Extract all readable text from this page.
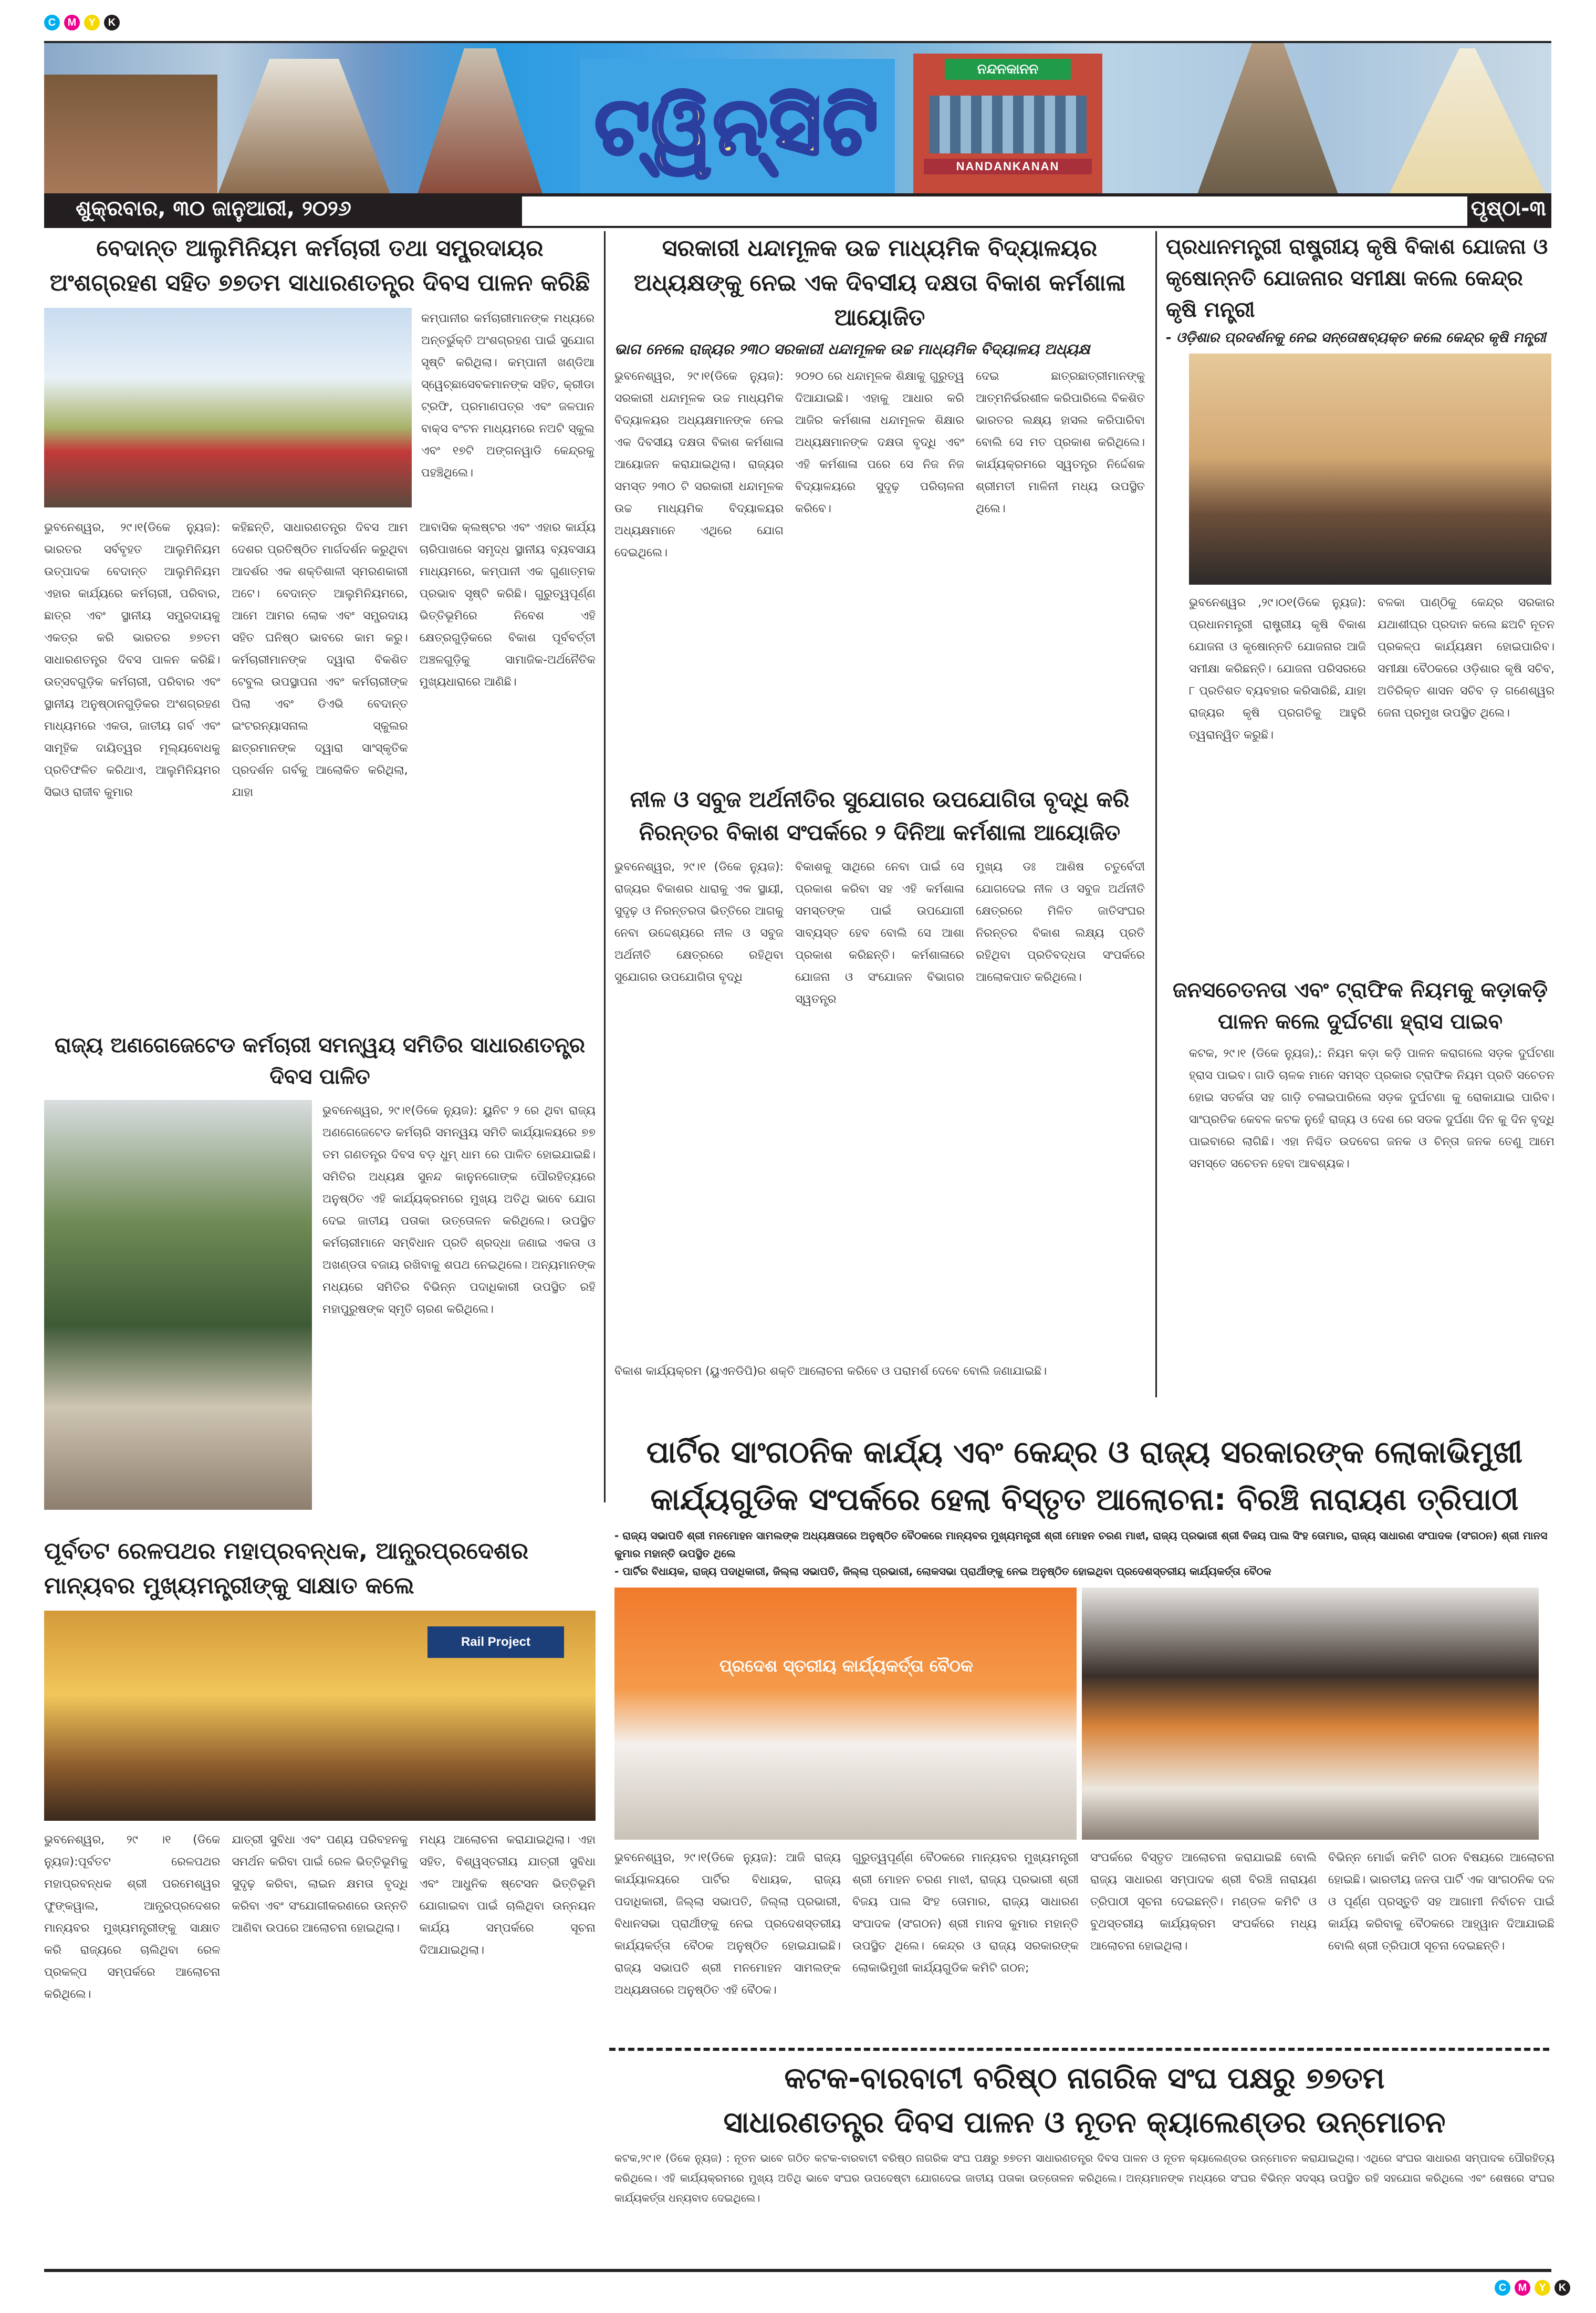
C	M	Y	K
ଟ୍ୱିନ୍‌ସିଟି
ନନ୍ଦନକାନନ
NANDANKANAN
ଶୁକ୍ରବାର, ୩୦ ଜାନୁଆରୀ, ୨୦୨୬	ପୃଷ୍ଠା-୩
ବେଦାନ୍ତ ଆଲୁମିନିୟମ କର୍ମଚାରୀ ତଥା ସମ୍ପ୍ରଦାୟର ଅଂଶଗ୍ରହଣ ସହିତ ୭୭ତମ ସାଧାରଣତନ୍ତ୍ର ଦିବସ ପାଳନ କରିଛି
କମ୍ପାନୀର କର୍ମଚାରୀମାନଙ୍କ ମଧ୍ୟରେ ଅନ୍ତର୍ଭୁକ୍ତି ଅଂଶଗ୍ରହଣ ପାଇଁ ସୁଯୋଗ ସୃଷ୍ଟି କରିଥିଲା। କମ୍ପାନୀ ଖଣ୍ଡିଆ ସ୍ୱେଚ୍ଛାସେବକମାନଙ୍କ ସହିତ, କ୍ରୀଡା ଟ୍ରଫି, ପ୍ରମାଣପତ୍ର ଏବଂ ଜଳପାନ ବାକ୍ସ ବଂଟନ ମାଧ୍ୟମରେ ନଅଟି ସ୍କୁଲ ଏବଂ ୧୭ଟି ଅଙ୍ଗନୱାଡି କେନ୍ଦ୍ରକୁ ପହଞ୍ଚିଥିଲେ।
ଭୁବନେଶ୍ୱର, ୨୯।୧(ଡିକେ ନ୍ୟୁଜ): ଭାରତର ସର୍ବବୃହତ ଆଲୁମିନିୟମ ଉତ୍ପାଦକ ବେଦାନ୍ତ ଆଲୁମିନିୟମ ଏହାର କାର୍ଯ୍ୟରେ କର୍ମଚାରୀ, ପରିବାର, ଛାତ୍ର ଏବଂ ସ୍ଥାନୀୟ ସମ୍ପ୍ରଦାୟକୁ ଏକତ୍ର କରି ଭାରତର ୭୭ତମ ସାଧାରଣତନ୍ତ୍ର ଦିବସ ପାଳନ କରିଛି। ଉତ୍ସବଗୁଡ଼ିକ କର୍ମଚାରୀ, ପରିବାର ଏବଂ ସ୍ଥାନୀୟ ଅନୁଷ୍ଠାନଗୁଡ଼ିକର ଅଂଶଗ୍ରହଣ ମାଧ୍ୟମରେ ଏକତା, ଜାତୀୟ ଗର୍ବ ଏବଂ ସାମୂହିକ ଦାୟିତ୍ୱର ମୂଲ୍ୟବୋଧକୁ ପ୍ରତିଫଳିତ କରିଥାଏ, ଆଲୁମିନିୟମର ସିଇଓ ରାଜୀବ କୁମାର
କହିଛନ୍ତି, ସାଧାରଣତନ୍ତ୍ର ଦିବସ ଆମ ଦେଶର ପ୍ରତିଷ୍ଠିତ ମାର୍ଗଦର୍ଶନ କରୁଥିବା ଆଦର୍ଶର ଏକ ଶକ୍ତିଶାଳୀ ସ୍ମରଣକାରୀ ଅଟେ। ବେଦାନ୍ତ ଆଲୁମିନିୟମରେ, ଆମେ ଆମର ଲୋକ ଏବଂ ସମ୍ପ୍ରଦାୟ ସହିତ ଘନିଷ୍ଠ ଭାବରେ କାମ କରୁ। କର୍ମଚାରୀମାନଙ୍କ ଦ୍ୱାରା ବିକଶିତ ଟେବୁଲ ଉପସ୍ଥାପନା ଏବଂ କର୍ମଚାରୀଙ୍କ ପିଲା ଏବଂ ଡିଏଭି ବେଦାନ୍ତ ଇଂଟରନ୍ୟାସନାଲ ସ୍କୁଲର ଛାତ୍ରମାନଙ୍କ ଦ୍ୱାରା ସାଂସ୍କୃତିକ ପ୍ରଦର୍ଶନ ଗର୍ବକୁ ଆଲୋକିତ କରିଥିଲା, ଯାହା
ଆବାସିକ କ୍ଲଷ୍ଟର ଏବଂ ଏହାର କାର୍ଯ୍ୟ ଚାରିପାଖରେ ସମୃଦ୍ଧ ସ୍ଥାନୀୟ ବ୍ୟବସାୟ ମାଧ୍ୟମରେ, କମ୍ପାନୀ ଏକ ଗୁଣାତ୍ମକ ପ୍ରଭାବ ସୃଷ୍ଟି କରିଛି। ଗୁରୁତ୍ୱପୂର୍ଣ୍ଣ ଭିତ୍ତିଭୂମିରେ ନିବେଶ ଏହି କ୍ଷେତ୍ରଗୁଡ଼ିକରେ ବିକାଶ ପୂର୍ବବର୍ତ୍ତୀ ଅଞ୍ଚଳଗୁଡ଼ିକୁ ସାମାଜିକ-ଅର୍ଥନୈତିକ ମୁଖ୍ୟଧାରାରେ ଆଣିଛି।
ରାଜ୍ୟ ଅଣଗେଜେଟେଡ କର୍ମଚାରୀ ସମନ୍ୱୟ ସମିତିର ସାଧାରଣତନ୍ତ୍ର ଦିବସ ପାଳିତ
ଭୁବନେଶ୍ୱର, ୨୯।୧(ଡିକେ ନ୍ୟୁଜ): ୟୁନିଟ ୨ ରେ ଥିବା ରାଜ୍ୟ ଅଣଗେଜେଟେଡ କର୍ମଚାରି ସମନ୍ୱୟ ସମିତି କାର୍ଯ୍ୟାଳୟରେ ୭୭ ତମ ଗଣତନ୍ତ୍ର ଦିବସ ବଡ଼ ଧୁମ୍ ଧାମ ରେ ପାଳିତ ହୋଇଯାଇଛି। ସମିତିର ଅଧ୍ୟକ୍ଷ ସୁନନ୍ଦ କାନୁନଗୋଙ୍କ ପୌରହିତ୍ୟରେ ଅନୁଷ୍ଠିତ ଏହି କାର୍ଯ୍ୟକ୍ରମରେ ମୁଖ୍ୟ ଅତିଥି ଭାବେ ଯୋଗ ଦେଇ ଜାତୀୟ ପତାକା ଉତ୍ତୋଳନ କରିଥିଲେ। ଉପସ୍ଥିତ କର୍ମଚାରୀମାନେ ସମ୍ବିଧାନ ପ୍ରତି ଶ୍ରଦ୍ଧା ଜଣାଇ ଏକତା ଓ ଅଖଣ୍ଡତା ବଜାୟ ରଖିବାକୁ ଶପଥ ନେଇଥିଲେ। ଅନ୍ୟମାନଙ୍କ ମଧ୍ୟରେ ସମିତିର ବିଭିନ୍ନ ପଦାଧିକାରୀ ଉପସ୍ଥିତ ରହି ମହାପୁରୁଷଙ୍କ ସ୍ମୃତି ଚାରଣ କରିଥିଲେ।
ପୂର୍ବତଟ ରେଳପଥର ମହାପ୍ରବନ୍ଧକ, ଆନ୍ଧ୍ରପ୍ରଦେଶର ମାନ୍ୟବର ମୁଖ୍ୟମନ୍ତ୍ରୀଙ୍କୁ ସାକ୍ଷାତ କଲେ
Rail Project
ଭୁବନେଶ୍ୱର, ୨୯ ।୧ (ଡିକେ ନ୍ୟୁଜ):ପୂର୍ବତଟ ରେଳପଥର ମହାପ୍ରବନ୍ଧକ ଶ୍ରୀ ପରମେଶ୍ୱର ଫୁଙ୍କୱାଲ, ଆନ୍ଧ୍ରପ୍ରଦେଶର ମାନ୍ୟବର ମୁଖ୍ୟମନ୍ତ୍ରୀଙ୍କୁ ସାକ୍ଷାତ କରି ରାଜ୍ୟରେ ଚାଲିଥିବା ରେଳ ପ୍ରକଳ୍ପ ସମ୍ପର୍କରେ ଆଲୋଚନା କରିଥିଲେ।
ଯାତ୍ରୀ ସୁବିଧା ଏବଂ ପଣ୍ୟ ପରିବହନକୁ ସମର୍ଥନ କରିବା ପାଇଁ ରେଳ ଭିତ୍ତିଭୂମିକୁ ସୁଦୃଢ଼ କରିବା, ଲାଇନ କ୍ଷମତା ବୃଦ୍ଧି କରିବା ଏବଂ ସଂଯୋଗୀକରଣରେ ଉନ୍ନତି ଆଣିବା ଉପରେ ଆଲୋଚନା ହୋଇଥିଲା।
ମଧ୍ୟ ଆଲୋଚନା କରାଯାଇଥିଲା। ଏହା ସହିତ, ବିଶ୍ୱସ୍ତରୀୟ ଯାତ୍ରୀ ସୁବିଧା ଏବଂ ଆଧୁନିକ ଷ୍ଟେସନ ଭିତ୍ତିଭୂମି ଯୋଗାଇବା ପାଇଁ ଚାଲିଥିବା ଉନ୍ନୟନ କାର୍ଯ୍ୟ ସମ୍ପର୍କରେ ସୂଚନା ଦିଆଯାଇଥିଲା।
ସରକାରୀ ଧନ୍ଦାମୂଳକ ଉଚ୍ଚ ମାଧ୍ୟମିକ ବିଦ୍ୟାଳୟର ଅଧ୍ୟକ୍ଷଙ୍କୁ ନେଇ ଏକ ଦିବସୀୟ ଦକ୍ଷତା ବିକାଶ କର୍ମଶାଳା ଆୟୋଜିତ
ଭାଗ ନେଲେ ରାଜ୍ୟର ୨୩୦ ସରକାରୀ ଧନ୍ଦାମୂଳକ ଉଚ୍ଚ ମାଧ୍ୟମିକ ବିଦ୍ୟାଳୟ ଅଧ୍ୟକ୍ଷ
ଭୁବନେଶ୍ୱର, ୨୯।୧(ଡିକେ ନ୍ୟୁଜ): ସରକାରୀ ଧନ୍ଦାମୂଳକ ଉଚ୍ଚ ମାଧ୍ୟମିକ ବିଦ୍ୟାଳୟର ଅଧ୍ୟକ୍ଷମାନଙ୍କ ନେଇ ଏକ ଦିବସୀୟ ଦକ୍ଷତା ବିକାଶ କର୍ମଶାଳା ଆୟୋଜନ କରାଯାଇଥିଲା। ରାଜ୍ୟର ସମସ୍ତ ୨୩୦ ଟି ସରକାରୀ ଧନ୍ଦାମୂଳକ ଉଚ୍ଚ ମାଧ୍ୟମିକ ବିଦ୍ୟାଳୟର ଅଧ୍ୟକ୍ଷମାନେ ଏଥିରେ ଯୋଗ ଦେଇଥିଲେ।
୨୦୨୦ ରେ ଧନ୍ଦାମୂଳକ ଶିକ୍ଷାକୁ ଗୁରୁତ୍ୱ ଦିଆଯାଇଛି। ଏହାକୁ ଆଧାର କରି ଆଜିର କର୍ମଶାଳା ଧନ୍ଦାମୂଳକ ଶିକ୍ଷାର ଅଧ୍ୟକ୍ଷମାନଙ୍କ ଦକ୍ଷତା ବୃଦ୍ଧି ଏବଂ ଏହି କର୍ମଶାଳା ପରେ ସେ ନିଜ ନିଜ ବିଦ୍ୟାଳୟରେ ସୁଦୃଢ଼ ପରିଚାଳନା କରିବେ।
ଦେଇ ଛାତ୍ରଛାତ୍ରୀମାନଙ୍କୁ ଆତ୍ମନିର୍ଭରଶୀଳ କରିପାରିଲେ ବିକଶିତ ଭାରତର ଲକ୍ଷ୍ୟ ହାସଲ କରିପାରିବା ବୋଲି ସେ ମତ ପ୍ରକାଶ କରିଥିଲେ। କାର୍ଯ୍ୟକ୍ରମରେ ସ୍ୱତନ୍ତ୍ର ନିର୍ଦ୍ଦେଶକ ଶ୍ରୀମତୀ ମାଳିନୀ ମଧ୍ୟ ଉପସ୍ଥିତ ଥିଲେ।
ନୀଳ ଓ ସବୁଜ ଅର୍ଥନୀତିର ସୁଯୋଗର ଉପଯୋଗିତା ବୃଦ୍ଧି କରି ନିରନ୍ତର ବିକାଶ ସଂପର୍କରେ ୨ ଦିନିଆ କର୍ମଶାଳା ଆୟୋଜିତ
ଭୁବନେଶ୍ୱର, ୨୯।୧ (ଡିକେ ନ୍ୟୁଜ): ରାଜ୍ୟର ବିକାଶର ଧାରାକୁ ଏକ ସ୍ଥାୟୀ, ସୁଦୃଢ଼ ଓ ନିରନ୍ତରତା ଭିତ୍ତିରେ ଆଗକୁ ନେବା ଉଦ୍ଦେଶ୍ୟରେ ନୀଳ ଓ ସବୁଜ ଅର୍ଥନୀତି କ୍ଷେତ୍ରରେ ରହିଥିବା ସୁଯୋଗର ଉପଯୋଗିତା ବୃଦ୍ଧି
ବିକାଶକୁ ସାଥିରେ ନେବା ପାଇଁ ସେ ପ୍ରକାଶ କରିବା ସହ ଏହି କର୍ମଶାଳା ସମସ୍ତଙ୍କ ପାଇଁ ଉପଯୋଗୀ ସାବ୍ୟସ୍ତ ହେବ ବୋଲି ସେ ଆଶା ପ୍ରକାଶ କରିଛନ୍ତି। କର୍ମଶାଳାରେ ଯୋଜନା ଓ ସଂଯୋଜନ ବିଭାଗର ସ୍ୱତନ୍ତ୍ର
ମୁଖ୍ୟ ଡଃ ଆଶିଷ ଚତୁର୍ବେଦୀ ଯୋଗଦେଇ ନୀଳ ଓ ସବୁଜ ଅର୍ଥନୀତି କ୍ଷେତ୍ରରେ ମିଳିତ ଜାତିସଂଘର ନିରନ୍ତର ବିକାଶ ଲକ୍ଷ୍ୟ ପ୍ରତି ରହିଥିବା ପ୍ରତିବଦ୍ଧତା ସଂପର୍କରେ ଆଲୋକପାତ କରିଥିଲେ।
ବିକାଶ କାର୍ଯ୍ୟକ୍ରମ (ୟୁଏନଡିପି)ର ଶକ୍ତି ଆଲୋଚନା କରିବେ ଓ ପରାମର୍ଶ ଦେବେ ବୋଲି ଜଣାଯାଇଛି।
ପ୍ରଧାନମନ୍ତ୍ରୀ ରାଷ୍ଟ୍ରୀୟ କୃଷି ବିକାଶ ଯୋଜନା ଓ କୃଷୋନ୍ନତି ଯୋଜନାର ସମୀକ୍ଷା କଲେ କେନ୍ଦ୍ର କୃଷି ମନ୍ତ୍ରୀ
- ଓଡ଼ିଶାର ପ୍ରଦର୍ଶନକୁ ନେଇ ସନ୍ତୋଷବ୍ୟକ୍ତ କଲେ କେନ୍ଦ୍ର କୃଷି ମନ୍ତ୍ରୀ
ଭୁବନେଶ୍ୱର ,୨୯।୦୧(ଡିକେ ନ୍ୟୁଜ): ପ୍ରଧାନମନ୍ତ୍ରୀ ରାଷ୍ଟ୍ରୀୟ କୃଷି ବିକାଶ ଯୋଜନା ଓ କୃଷୋନ୍ନତି ଯୋଜନାର ଆଜି ସମୀକ୍ଷା କରିଛନ୍ତି। ଯୋଜନା ପରିସରରେ ୮ ପ୍ରତିଶତ ବ୍ୟବହାର କରିସାରିଛି, ଯାହା ରାଜ୍ୟର କୃଷି ପ୍ରଗତିକୁ ଆହୁରି ତ୍ୱରାନ୍ୱିତ କରୁଛି।
ବଳକା ପାଣ୍ଠିକୁ କେନ୍ଦ୍ର ସରକାର ଯଥାଶୀଘ୍ର ପ୍ରଦାନ କଲେ ଛଅଟି ନୂତନ ପ୍ରକଳ୍ପ କାର୍ଯ୍ୟକ୍ଷମ ହୋଇପାରିବ। ସମୀକ୍ଷା ବୈଠକରେ ଓଡ଼ିଶାର କୃଷି ସଚିବ, ଅତିରିକ୍ତ ଶାସନ ସଚିବ ଡ଼ ଗଣେଶ୍ୱର ଜେନା ପ୍ରମୁଖ ଉପସ୍ଥିତ ଥିଲେ।
ଜନସଚେତନତା ଏବଂ ଟ୍ରାଫିକ ନିୟମକୁ କଡ଼ାକଡ଼ି ପାଳନ କଲେ ଦୁର୍ଘଟଣା ହ୍ରାସ ପାଇବ
କଟକ, ୨୯।୧ (ଡିକେ ନ୍ୟୁଜ),: ନିୟମ କଡ଼ା କଡ଼ି ପାଳନ କରାଗଲେ ସଡ଼କ ଦୁର୍ଘଟଣା ହ୍ରାସ ପାଇବ। ଗାଡି ଚାଳକ ମାନେ ସମସ୍ତ ପ୍ରକାର ଟ୍ରାଫିକ ନିୟମ ପ୍ରତି ସଚେତନ ହୋଇ ସତର୍କତା ସହ ଗାଡ଼ି ଚଳାଇପାରିଲେ ସଡ଼କ ଦୁର୍ଘଟଣା କୁ ରୋକାଯାଇ ପାରିବ। ସାଂପ୍ରତିକ କେବଳ କଟକ ନୁହେଁ ରାଜ୍ୟ ଓ ଦେଶ ରେ ସଡକ ଦୁର୍ଘଣା ଦିନ କୁ ଦିନ ବୃଦ୍ଧି ପାଇବାରେ ଲାଗିଛି। ଏହା ନିଶ୍ଚିତ ଉଦବେଗ ଜନକ ଓ ଚିନ୍ତା ଜନକ ତେଣୁ ଆମେ ସମସ୍ତେ ସଚେତନ ହେବା ଆବଶ୍ୟକ।
ପାର୍ଟିର ସାଂଗଠନିକ କାର୍ଯ୍ୟ ଏବଂ କେନ୍ଦ୍ର ଓ ରାଜ୍ୟ ସରକାରଙ୍କ ଲୋକାଭିମୁଖୀ କାର୍ଯ୍ୟଗୁଡିକ ସଂପର୍କରେ ହେଲା ବିସ୍ତୃତ ଆଲୋଚନା: ବିରଞ୍ଚି ନାରାୟଣ ତ୍ରିପାଠୀ
- ରାଜ୍ୟ ସଭାପତି ଶ୍ରୀ ମନମୋହନ ସାମଲଙ୍କ ଅଧ୍ୟକ୍ଷତାରେ ଅନୁଷ୍ଠିତ ବୈଠକରେ ମାନ୍ୟବର ମୁଖ୍ୟମନ୍ତ୍ରୀ ଶ୍ରୀ ମୋହନ ଚରଣ ମାଝୀ, ରାଜ୍ୟ ପ୍ରଭାରୀ ଶ୍ରୀ ବିଜୟ ପାଲ ସିଂହ ତୋମାର, ରାଜ୍ୟ ସାଧାରଣ ସଂପାଦକ (ସଂଗଠନ) ଶ୍ରୀ ମାନସ କୁମାର ମହାନ୍ତି ଉପସ୍ଥିତ ଥିଲେ
- ପାର୍ଟିର ବିଧାୟକ, ରାଜ୍ୟ ପଦାଧିକାରୀ, ଜିଲ୍ଲା ସଭାପତି, ଜିଲ୍ଲା ପ୍ରଭାରୀ, ଲୋକସଭା ପ୍ରାର୍ଥୀଙ୍କୁ ନେଇ ଅନୁଷ୍ଠିତ ହୋଇଥିବା ପ୍ରଦେଶସ୍ତରୀୟ କାର୍ଯ୍ୟକର୍ତ୍ତା ବୈଠକ
ପ୍ରଦେଶ ସ୍ତରୀୟ କାର୍ଯ୍ୟକର୍ତ୍ତା ବୈଠକ
ଭୁବନେଶ୍ୱର, ୨୯।୧(ଡିକେ ନ୍ୟୁଜ): ଆଜି ରାଜ୍ୟ କାର୍ଯ୍ୟାଳୟରେ ପାର୍ଟିର ବିଧାୟକ, ରାଜ୍ୟ ପଦାଧିକାରୀ, ଜିଲ୍ଲା ସଭାପତି, ଜିଲ୍ଲା ପ୍ରଭାରୀ, ବିଧାନସଭା ପ୍ରାର୍ଥୀଙ୍କୁ ନେଇ ପ୍ରଦେଶସ୍ତରୀୟ କାର୍ଯ୍ୟକର୍ତ୍ତା ବୈଠକ ଅନୁଷ୍ଠିତ ହୋଇଯାଇଛି। ରାଜ୍ୟ ସଭାପତି ଶ୍ରୀ ମନମୋହନ ସାମଲଙ୍କ ଅଧ୍ୟକ୍ଷତାରେ ଅନୁଷ୍ଠିତ ଏହି ବୈଠକ।
ଗୁରୁତ୍ୱପୂର୍ଣ୍ଣ ବୈଠକରେ ମାନ୍ୟବର ମୁଖ୍ୟମନ୍ତ୍ରୀ ଶ୍ରୀ ମୋହନ ଚରଣ ମାଝୀ, ରାଜ୍ୟ ପ୍ରଭାରୀ ଶ୍ରୀ ବିଜୟ ପାଲ ସିଂହ ତୋମାର, ରାଜ୍ୟ ସାଧାରଣ ସଂପାଦକ (ସଂଗଠନ) ଶ୍ରୀ ମାନସ କୁମାର ମହାନ୍ତି ଉପସ୍ଥିତ ଥିଲେ। କେନ୍ଦ୍ର ଓ ରାଜ୍ୟ ସରକାରଙ୍କ ଲୋକାଭିମୁଖୀ କାର୍ଯ୍ୟଗୁଡିକ କମିଟି ଗଠନ;
ସଂପର୍କରେ ବିସ୍ତୃତ ଆଲୋଚନା କରାଯାଇଛି ବୋଲି ରାଜ୍ୟ ସାଧାରଣ ସମ୍ପାଦକ ଶ୍ରୀ ବିରଞ୍ଚି ନାରାୟଣ ତ୍ରିପାଠୀ ସୂଚନା ଦେଇଛନ୍ତି। ମଣ୍ଡଳ କମିଟି ଓ ବୁଥସ୍ତରୀୟ କାର୍ଯ୍ୟକ୍ରମ ସଂପର୍କରେ ମଧ୍ୟ ଆଲୋଚନା ହୋଇଥିଲା।
ବିଭିନ୍ନ ମୋର୍ଚ୍ଚା କମିଟି ଗଠନ ବିଷୟରେ ଆଲୋଚନା ହୋଇଛି। ଭାରତୀୟ ଜନତା ପାର୍ଟି ଏକ ସାଂଗଠନିକ ଦଳ ଓ ପୂର୍ଣ୍ଣ ପ୍ରସ୍ତୁତି ସହ ଆଗାମୀ ନିର୍ବାଚନ ପାଇଁ କାର୍ଯ୍ୟ କରିବାକୁ ବୈଠକରେ ଆହ୍ୱାନ ଦିଆଯାଇଛି ବୋଲି ଶ୍ରୀ ତ୍ରିପାଠୀ ସୂଚନା ଦେଇଛନ୍ତି।
କଟକ-ବାରବାଟୀ ବରିଷ୍ଠ ନାଗରିକ ସଂଘ ପକ୍ଷରୁ ୭୭ତମ ସାଧାରଣତନ୍ତ୍ର ଦିବସ ପାଳନ ଓ ନୂତନ କ୍ୟାଲେଣ୍ଡର ଉନ୍ମୋଚନ
କଟକ,୨୯।୧ (ଡିକେ ନ୍ୟୁଜ) : ନୂତନ ଭାବେ ଗଠିତ କଟକ-ବାରବାଟୀ ବରିଷ୍ଠ ନାଗରିକ ସଂଘ ପକ୍ଷରୁ ୭୭ତମ ସାଧାରଣତନ୍ତ୍ର ଦିବସ ପାଳନ ଓ ନୂତନ କ୍ୟାଲେଣ୍ଡର ଉନ୍ମୋଚନ କରାଯାଇଥିଲା। ଏଥିରେ ସଂଘର ସାଧାରଣ ସମ୍ପାଦକ ପୌରହିତ୍ୟ କରିଥିଲେ। ଏହି କାର୍ଯ୍ୟକ୍ରମରେ ମୁଖ୍ୟ ଅତିଥି ଭାବେ ସଂଘର ଉପଦେଷ୍ଟା ଯୋଗଦେଇ ଜାତୀୟ ପତାକା ଉତ୍ତୋଳନ କରିଥିଲେ। ଅନ୍ୟମାନଙ୍କ ମଧ୍ୟରେ ସଂଘର ବିଭିନ୍ନ ସଦସ୍ୟ ଉପସ୍ଥିତ ରହି ସହଯୋଗ କରିଥିଲେ ଏବଂ ଶେଷରେ ସଂଘର କାର୍ଯ୍ୟକର୍ତ୍ତା ଧନ୍ୟବାଦ ଦେଇଥିଲେ।
C	M	Y	K
